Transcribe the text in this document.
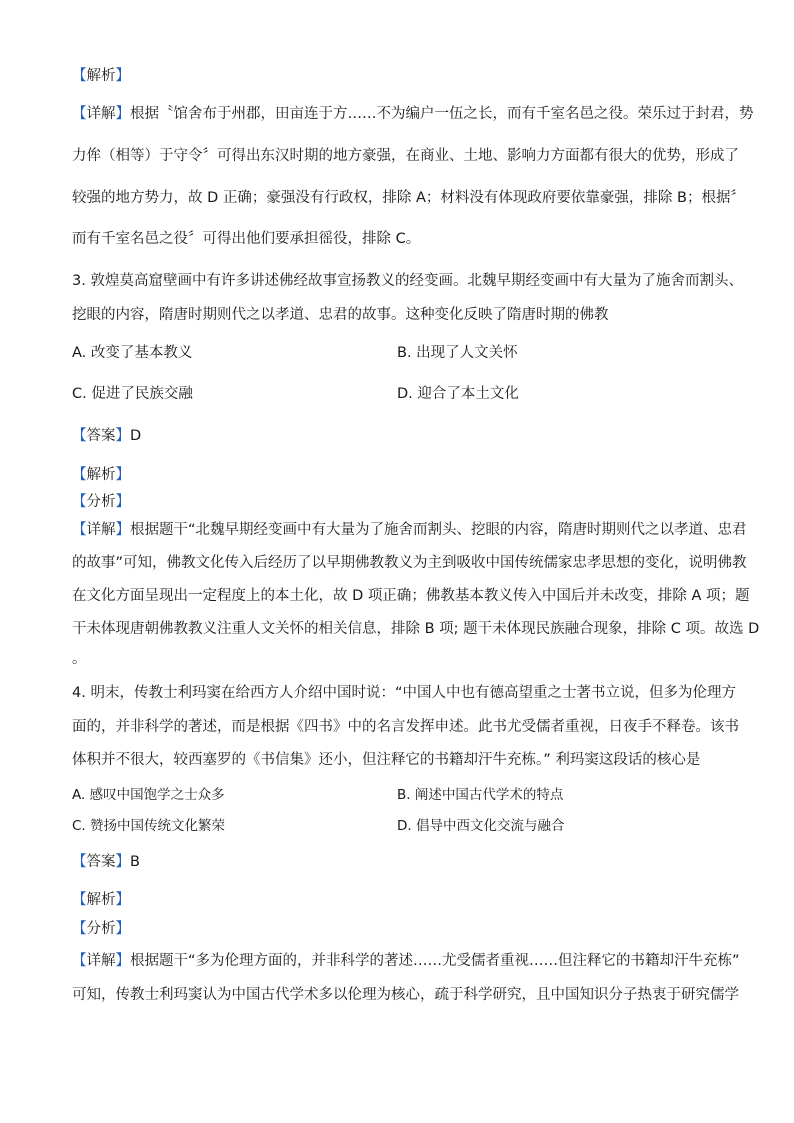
【解析】
【详解】根据〝馆舍布于州郡，田亩连于方……不为编户一伍之长，而有千室名邑之役。荣乐过于封君，势
力侔（相等）于守令〞可得出东汉时期的地方豪强，在商业、土地、影响力方面都有很大的优势，形成了
较强的地方势力，故 D 正确；豪强没有行政权，排除 A；材料没有体现政府要依靠豪强，排除 B；根据〞
而有千室名邑之役〞可得出他们要承担徭役，排除 C。
3. 敦煌莫高窟壁画中有许多讲述佛经故事宣扬教义的经变画。北魏早期经变画中有大量为了施舍而割头、
挖眼的内容，隋唐时期则代之以孝道、忠君的故事。这种变化反映了隋唐时期的佛教
A. 改变了基本教义	B. 出现了人文关怀
C. 促进了民族交融	D. 迎合了本土文化
【答案】D
【解析】
【分析】
【详解】根据题干“北魏早期经变画中有大量为了施舍而割头、挖眼的内容，隋唐时期则代之以孝道、忠君
的故事”可知，佛教文化传入后经历了以早期佛教教义为主到吸收中国传统儒家忠孝思想的变化，说明佛教
在文化方面呈现出一定程度上的本土化，故 D 项正确；佛教基本教义传入中国后并未改变，排除 A 项；题
干未体现唐朝佛教教义注重人文关怀的相关信息，排除 B 项; 题干未体现民族融合现象，排除 C 项。故选 D
。
4. 明末，传教士利玛窦在给西方人介绍中国时说：“中国人中也有德高望重之士著书立说，但多为伦理方
面的，并非科学的著述，而是根据《四书》中的名言发挥申述。此书尤受儒者重视，日夜手不释卷。该书
体积并不很大，较西塞罗的《书信集》还小，但注释它的书籍却汗牛充栋。” 利玛窦这段话的核心是
A. 感叹中国饱学之士众多	B. 阐述中国古代学术的特点
C. 赞扬中国传统文化繁荣	D. 倡导中西文化交流与融合
【答案】B
【解析】
【分析】
【详解】根据题干“多为伦理方面的，并非科学的著述……尤受儒者重视……但注释它的书籍却汗牛充栋”
可知，传教士利玛窦认为中国古代学术多以伦理为核心，疏于科学研究，且中国知识分子热衷于研究儒学
